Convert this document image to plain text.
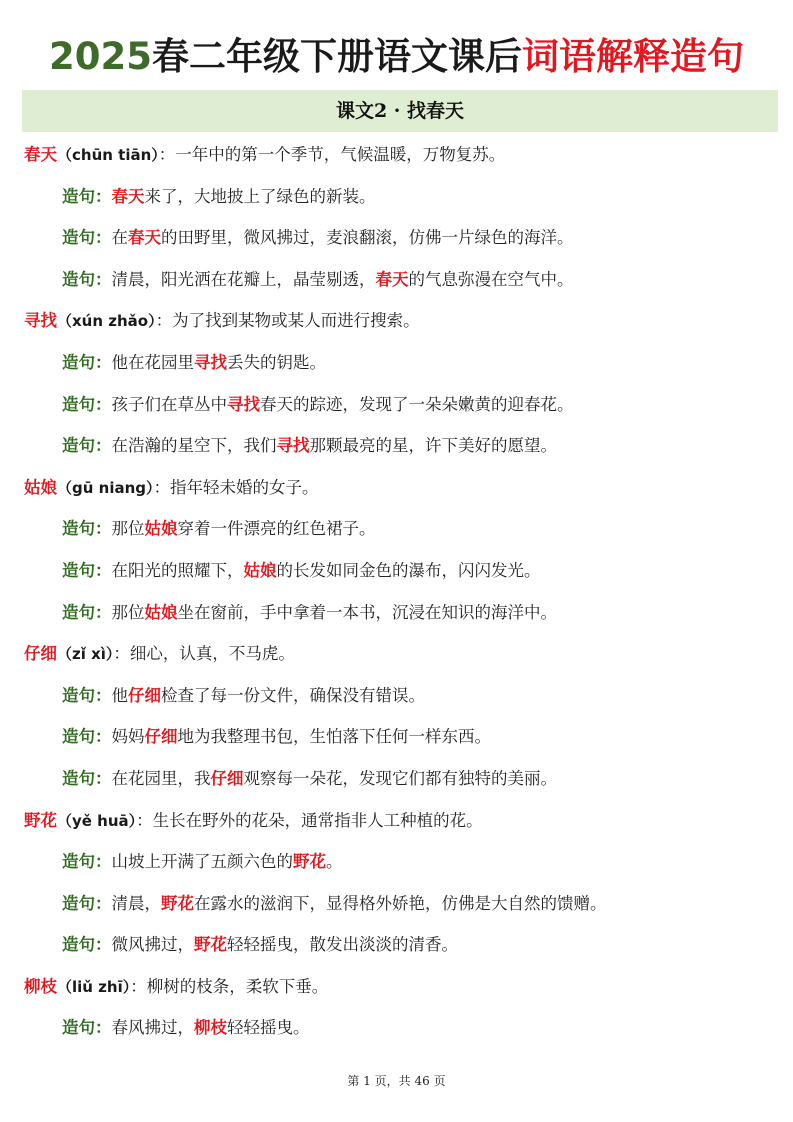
2025春二年级下册语文课后词语解释造句
课文2 · 找春天
春天（chūn tiān）：一年中的第一个季节，气候温暖，万物复苏。
造句：春天来了，大地披上了绿色的新装。
造句：在春天的田野里，微风拂过，麦浪翻滚，仿佛一片绿色的海洋。
造句：清晨，阳光洒在花瓣上，晶莹剔透，春天的气息弥漫在空气中。
寻找（xún zhǎo）：为了找到某物或某人而进行搜索。
造句：他在花园里寻找丢失的钥匙。
造句：孩子们在草丛中寻找春天的踪迹，发现了一朵朵嫩黄的迎春花。
造句：在浩瀚的星空下，我们寻找那颗最亮的星，许下美好的愿望。
姑娘（gū niang）：指年轻未婚的女子。
造句：那位姑娘穿着一件漂亮的红色裙子。
造句：在阳光的照耀下，姑娘的长发如同金色的瀑布，闪闪发光。
造句：那位姑娘坐在窗前，手中拿着一本书，沉浸在知识的海洋中。
仔细（zǐ xì）：细心，认真，不马虎。
造句：他仔细检查了每一份文件，确保没有错误。
造句：妈妈仔细地为我整理书包，生怕落下任何一样东西。
造句：在花园里，我仔细观察每一朵花，发现它们都有独特的美丽。
野花（yě huā）：生长在野外的花朵，通常指非人工种植的花。
造句：山坡上开满了五颜六色的野花。
造句：清晨，野花在露水的滋润下，显得格外娇艳，仿佛是大自然的馈赠。
造句：微风拂过，野花轻轻摇曳，散发出淡淡的清香。
柳枝（liǔ zhī）：柳树的枝条，柔软下垂。
造句：春风拂过，柳枝轻轻摇曳。
第 1 页，共 46 页
